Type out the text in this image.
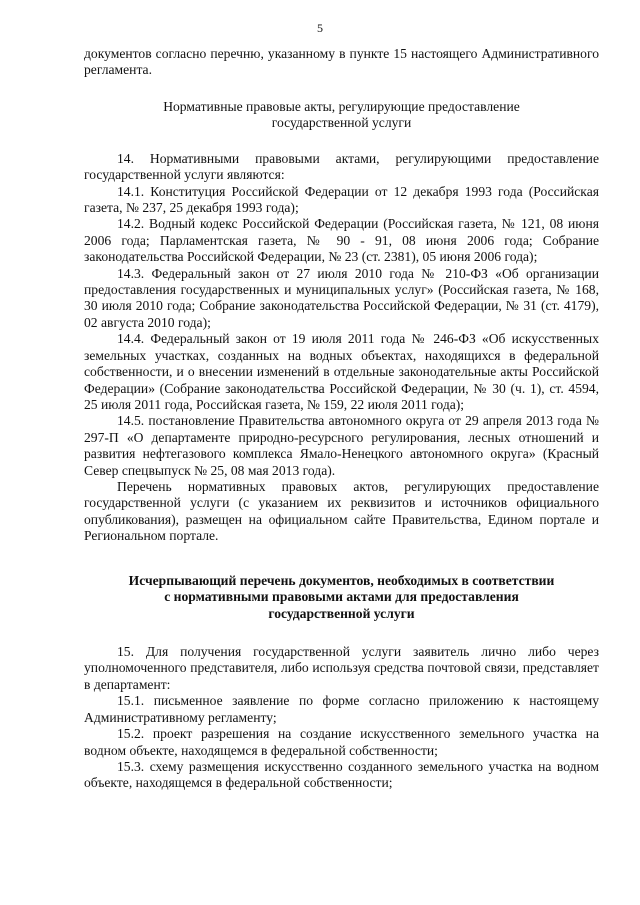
5

документов согласно перечню, указанному в пункте 15 настоящего Административного регламента.

Нормативные правовые акты, регулирующие предоставление государственной услуги

14. Нормативными правовыми актами, регулирующими предоставление государственной услуги являются:

14.1. Конституция Российской Федерации от 12 декабря 1993 года (Российская газета, № 237, 25 декабря 1993 года);

14.2. Водный кодекс Российской Федерации (Российская газета, № 121, 08 июня 2006 года; Парламентская газета, № 90 - 91, 08 июня 2006 года; Собрание законодательства Российской Федерации, № 23 (ст. 2381), 05 июня 2006 года);

14.3. Федеральный закон от 27 июля 2010 года № 210-ФЗ «Об организации предоставления государственных и муниципальных услуг» (Российская газета, № 168, 30 июля 2010 года; Собрание законодательства Российской Федерации, № 31 (ст. 4179), 02 августа 2010 года);

14.4. Федеральный закон от 19 июля 2011 года № 246-ФЗ «Об искусственных земельных участках, созданных на водных объектах, находящихся в федеральной собственности, и о внесении изменений в отдельные законодательные акты Российской Федерации» (Собрание законодательства Российской Федерации, № 30 (ч. 1), ст. 4594, 25 июля 2011 года, Российская газета, № 159, 22 июля 2011 года);

14.5. постановление Правительства автономного округа от 29 апреля 2013 года № 297-П «О департаменте природно-ресурсного регулирования, лесных отношений и развития нефтегазового комплекса Ямало-Ненецкого автономного округа» (Красный Север спецвыпуск № 25, 08 мая 2013 года).

Перечень нормативных правовых актов, регулирующих предоставление государственной услуги (с указанием их реквизитов и источников официального опубликования), размещен на официальном сайте Правительства, Едином портале и Региональном портале.

Исчерпывающий перечень документов, необходимых в соответствии с нормативными правовыми актами для предоставления государственной услуги

15. Для получения государственной услуги заявитель лично либо через уполномоченного представителя, либо используя средства почтовой связи, представляет в департамент:

15.1. письменное заявление по форме согласно приложению к настоящему Административному регламенту;

15.2. проект разрешения на создание искусственного земельного участка на водном объекте, находящемся в федеральной собственности;

15.3. схему размещения искусственно созданного земельного участка на водном объекте, находящемся в федеральной собственности;
